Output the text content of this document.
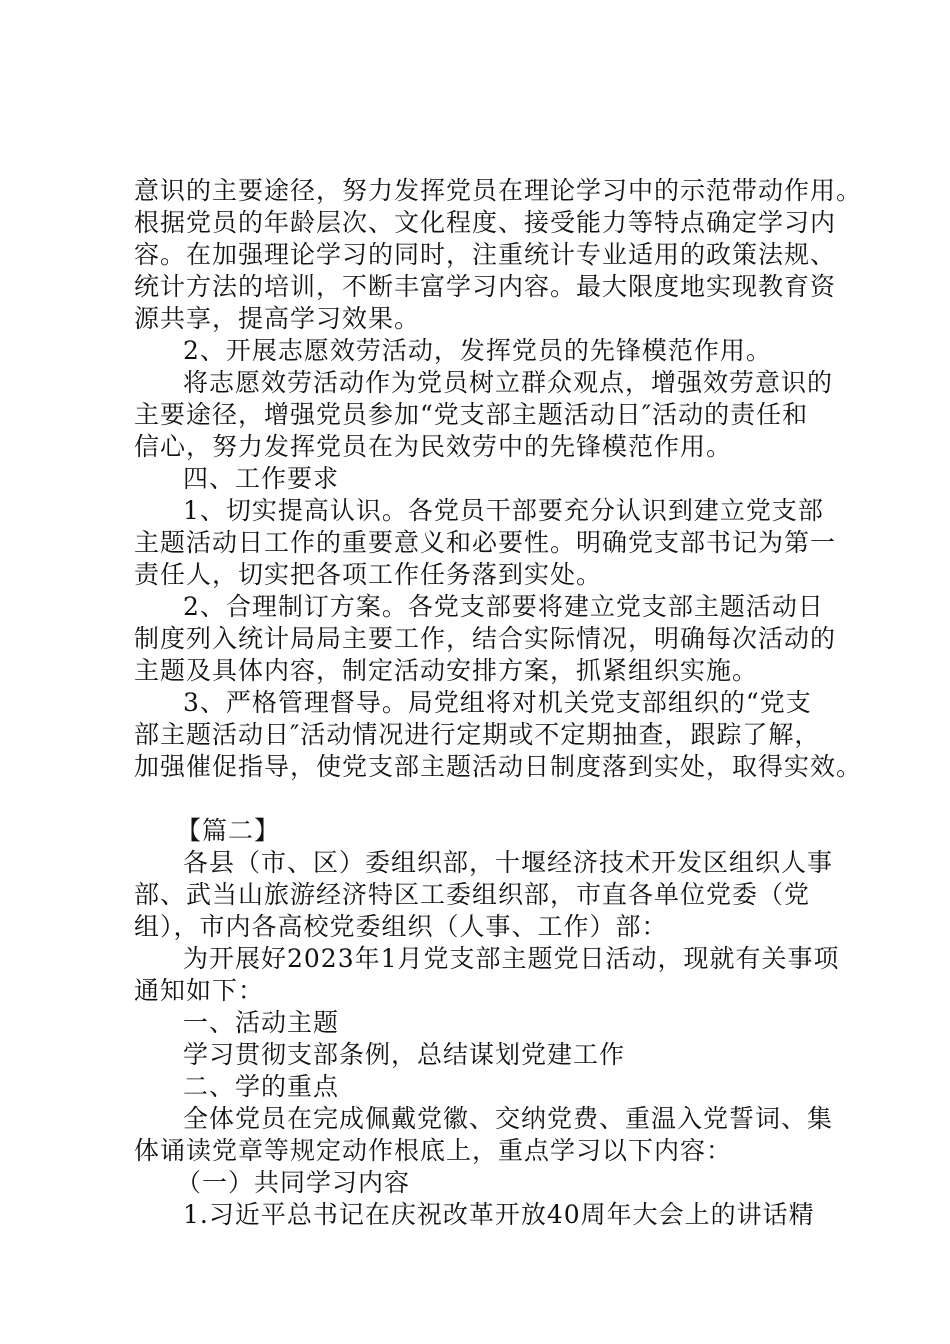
意识的主要途径，努力发挥党员在理论学习中的示范带动作用。
根据党员的年龄层次、文化程度、接受能力等特点确定学习内
容。在加强理论学习的同时，注重统计专业适用的政策法规、
统计方法的培训，不断丰富学习内容。最大限度地实现教育资
源共享，提高学习效果。
2、开展志愿效劳活动，发挥党员的先锋模范作用。
将志愿效劳活动作为党员树立群众观点，增强效劳意识的
主要途径，增强党员参加“党支部主题活动日″活动的责任和
信心，努力发挥党员在为民效劳中的先锋模范作用。
四、工作要求
1、切实提高认识。各党员干部要充分认识到建立党支部
主题活动日工作的重要意义和必要性。明确党支部书记为第一
责任人，切实把各项工作任务落到实处。
2、合理制订方案。各党支部要将建立党支部主题活动日
制度列入统计局局主要工作，结合实际情况，明确每次活动的
主题及具体内容，制定活动安排方案，抓紧组织实施。
3、严格管理督导。局党组将对机关党支部组织的“党支
部主题活动日″活动情况进行定期或不定期抽查，跟踪了解，
加强催促指导，使党支部主题活动日制度落到实处，取得实效。
【篇二】
各县（市、区）委组织部，十堰经济技术开发区组织人事
部、武当山旅游经济特区工委组织部，市直各单位党委（党
组），市内各高校党委组织（人事、工作）部：
为开展好2023年1月党支部主题党日活动，现就有关事项
通知如下：
一、活动主题
学习贯彻支部条例，总结谋划党建工作
二、学的重点
全体党员在完成佩戴党徽、交纳党费、重温入党誓词、集
体诵读党章等规定动作根底上，重点学习以下内容：
（一）共同学习内容
1.习近平总书记在庆祝改革开放40周年大会上的讲话精
